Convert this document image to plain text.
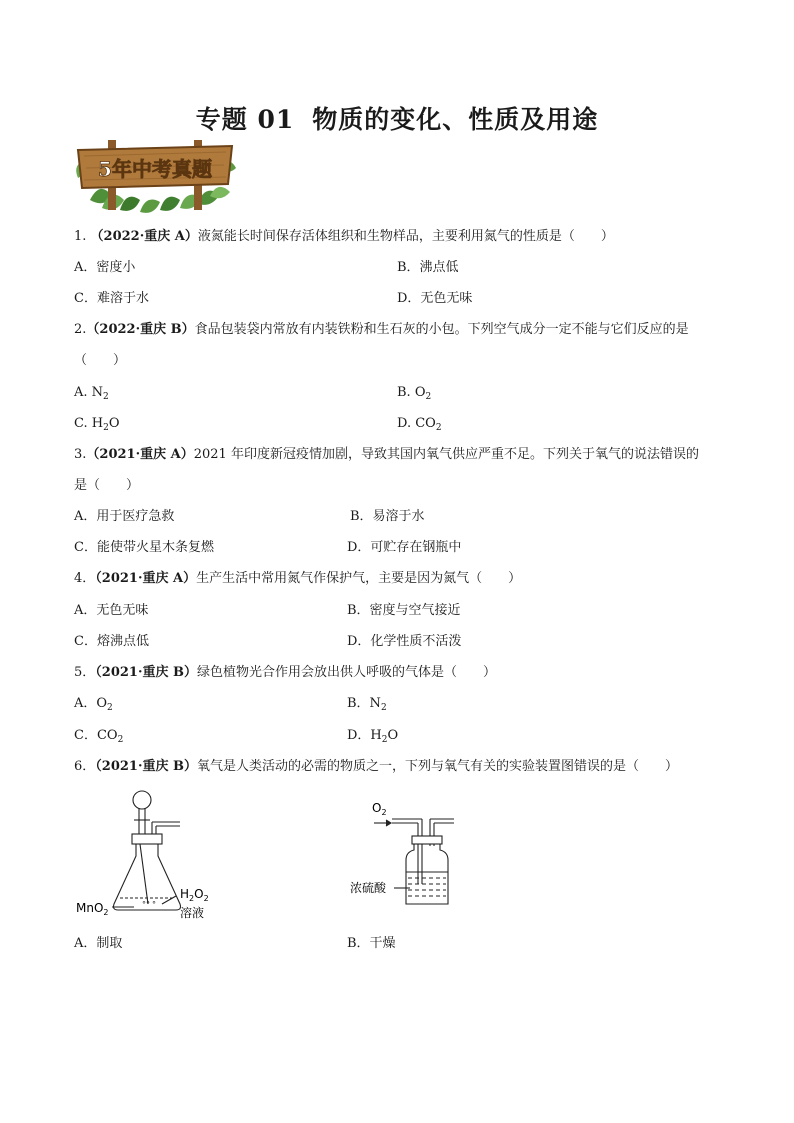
专题 01 物质的变化、性质及用途
5年中考真题
1. （2022·重庆 A）液氮能长时间保存活体组织和生物样品，主要利用氮气的性质是（　　）
A．密度小	B．沸点低
C．难溶于水	D．无色无味
2.（2022·重庆 B）食品包装袋内常放有内装铁粉和生石灰的小包。下列空气成分一定不能与它们反应的是
（　　）
A. $N_2$	B. $O_2$
C. $H_2O$	D. $CO_2$
3.（2021·重庆 A）2021 年印度新冠疫情加剧，导致其国内氧气供应严重不足。下列关于氧气的说法错误的
是（　　）
A．用于医疗急救	B．易溶于水
C．能使带火星木条复燃	D．可贮存在钢瓶中
4．（2021·重庆 A）生产生活中常用氮气作保护气，主要是因为氮气（　　）
A．无色无味	B．密度与空气接近
C．熔沸点低	D．化学性质不活泼
5．（2021·重庆 B）绿色植物光合作用会放出供人呼吸的气体是（　　）
A．$O_2$	B．$N_2$
C．$CO_2$	D．$H_2O$
6．（2021·重庆 B）氧气是人类活动的必需的物质之一，下列与氧气有关的实验装置图错误的是（　　）
°° °
MnO$_2$
$H_2O_2$
溶液
$O_2$
浓硫酸
A．制取	B．干燥
